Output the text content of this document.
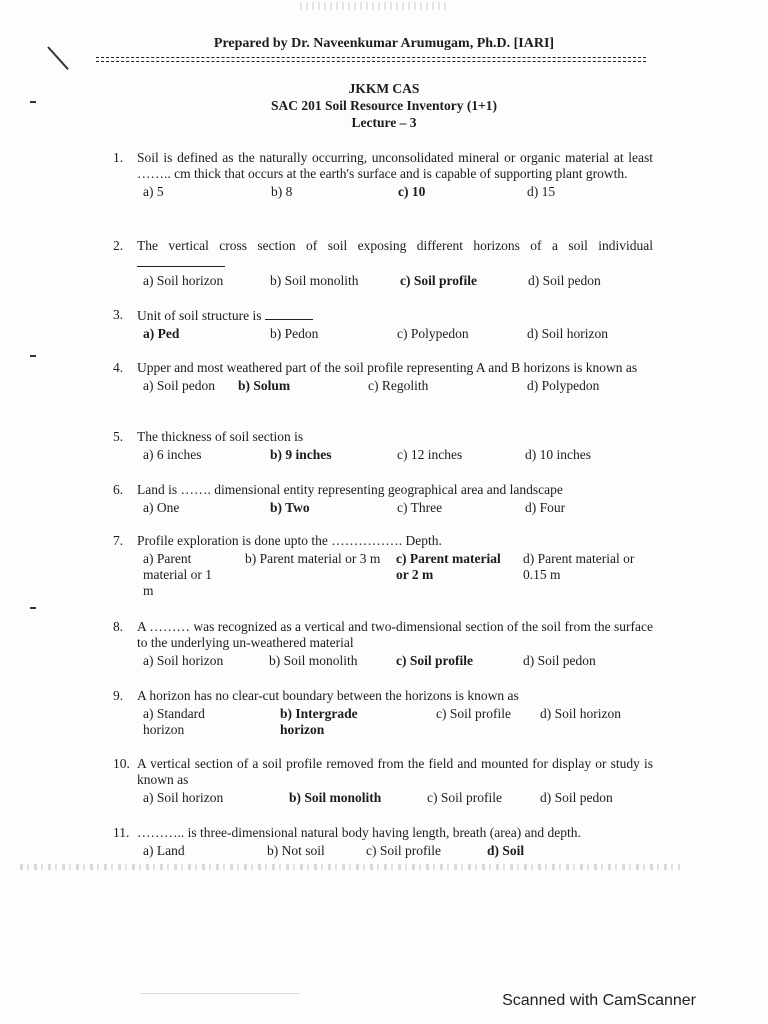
Prepared by Dr. Naveenkumar Arumugam, Ph.D. [IARI]
JKKM CAS
SAC 201 Soil Resource Inventory (1+1)
Lecture – 3
1. Soil is defined as the naturally occurring, unconsolidated mineral or organic material at least …….. cm thick that occurs at the earth's surface and is capable of supporting plant growth.
a) 5	b) 8	c) 10	d) 15
2. The vertical cross section of soil exposing different horizons of a soil individual
a) Soil horizon	b) Soil monolith	c) Soil profile	d) Soil pedon
3. Unit of soil structure is
a) Ped	b) Pedon	c) Polypedon	d) Soil horizon
4. Upper and most weathered part of the soil profile representing A and B horizons is known as
a) Soil pedon b) Solum	c) Regolith	d) Polypedon
5. The thickness of soil section is
a) 6 inches	b) 9 inches	c) 12 inches	d) 10 inches
6. Land is ……. dimensional entity representing geographical area and landscape
a) One	b) Two	c) Three	d) Four
7. Profile exploration is done upto the ……………. Depth.
a) Parent material or 1 m
b) Parent material or 3 m	c) Parent material or 2 m
d) Parent material or 0.15 m
8. A ……… was recognized as a vertical and two-dimensional section of the soil from the surface to the underlying un-weathered material
a) Soil horizon	b) Soil monolith	c) Soil profile	d) Soil pedon
9. A horizon has no clear-cut boundary between the horizons is known as
a) Standard horizon
b) Intergrade horizon
c) Soil profile d) Soil horizon
10. A vertical section of a soil profile removed from the field and mounted for display or study is known as
a) Soil horizon	b) Soil monolith	c) Soil profile	d) Soil pedon
11. ……….. is three-dimensional natural body having length, breath (area) and depth.
a) Land	b) Not soil	c) Soil profile	d) Soil
Scanned with CamScanner
